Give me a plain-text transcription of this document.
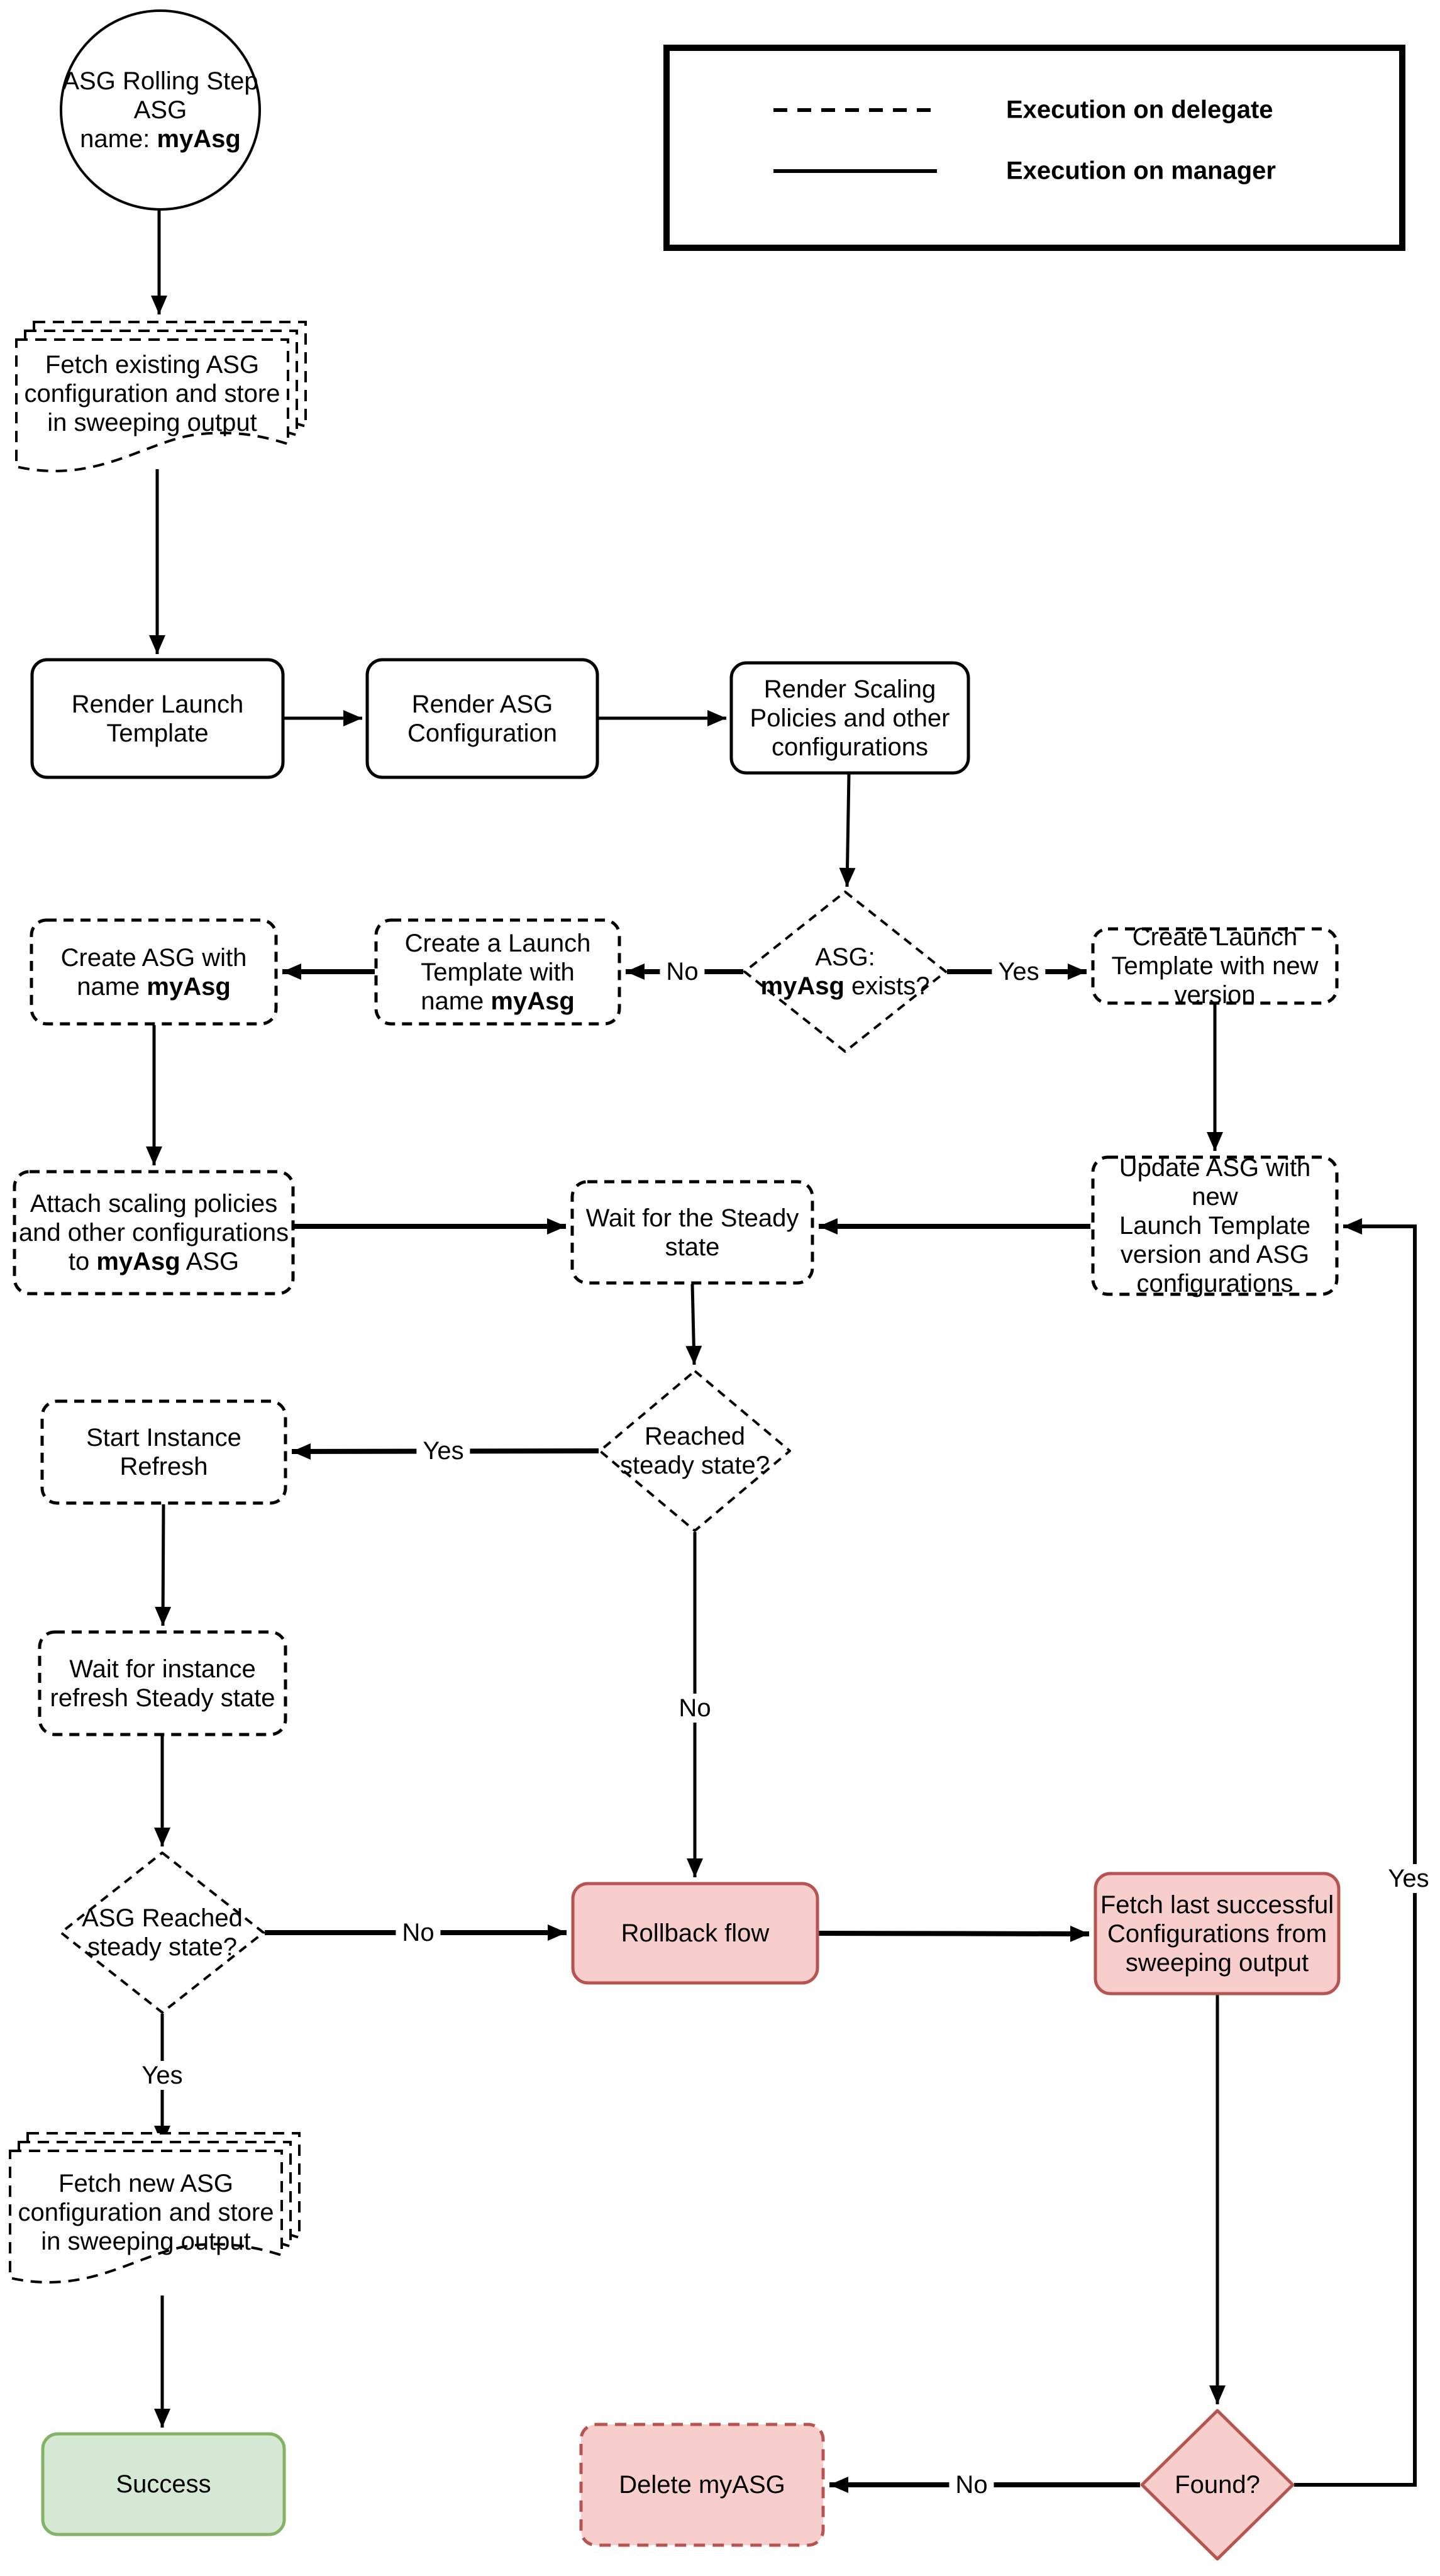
Execution on delegate
Execution on manager
ASG Rolling Step
ASG
name: myAsg
Fetch existing ASG
configuration and store
in sweeping output
Render Launch
Template
Render ASG
Configuration
Render Scaling
Policies and other
configurations
ASG:
myAsg exists?
Create Launch
Template with new
version
Create a Launch
Template with
name myAsg
Create ASG with
name myAsg
Attach scaling policies
and other configurations
to myAsg ASG
Wait for the Steady
state
Update ASG with new
Launch Template
version and ASG
configurations
Reached
steady state?
Start Instance
Refresh
Wait for instance
refresh Steady state
ASG Reached
steady state?	Rollback flow
Fetch last successful
Configurations from
sweeping output
Fetch new ASG
configuration and store
in sweeping output
Success	Delete myASG	Found?
No	Yes
Yes
No
No
Yes
No
Yes
